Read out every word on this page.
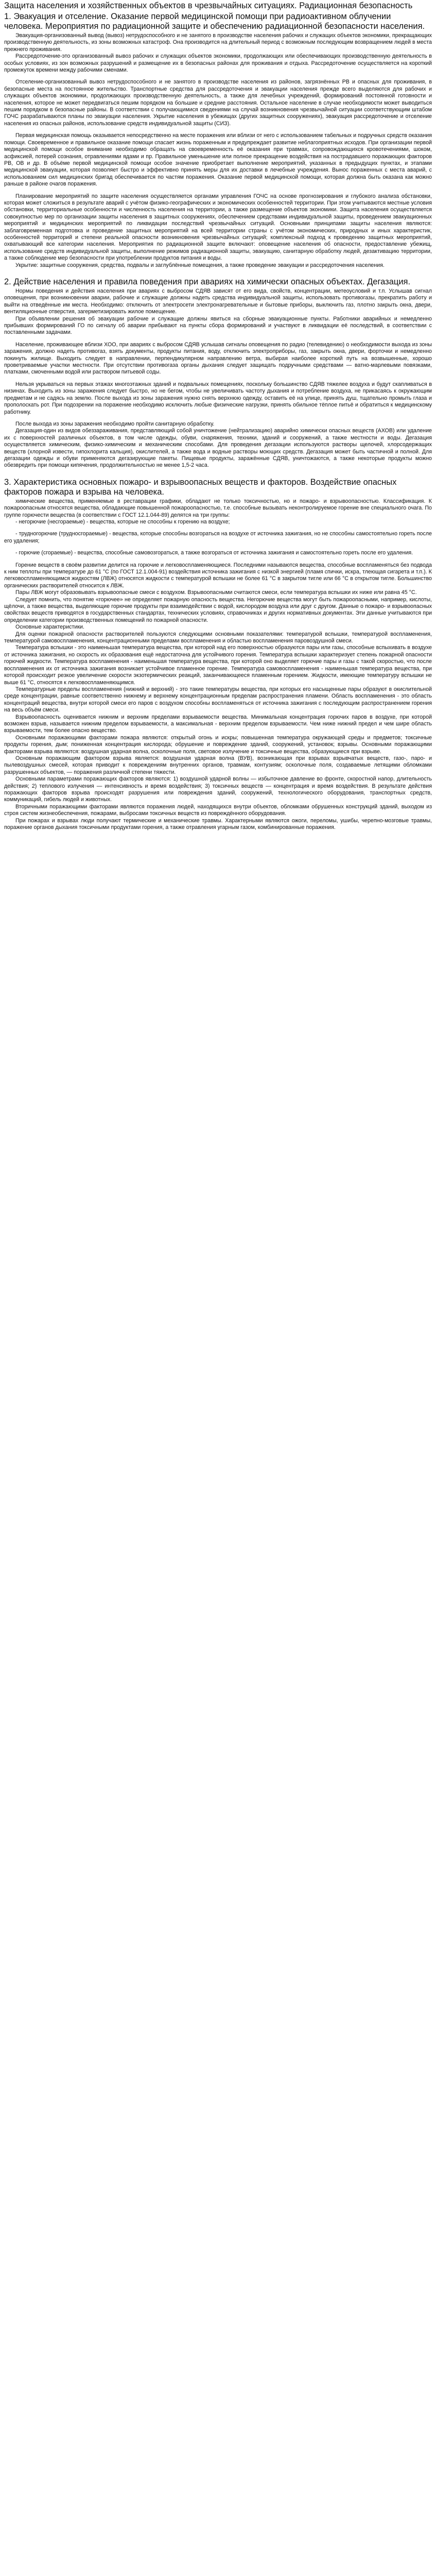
Защита населения и хозяйственных объектов в чрезвычайных ситуациях. Радиационная безопасность
1. Эвакуация и отселение. Оказание первой медицинской помощи при радиоактивном облучении человека. Мероприятия по радиационной защите и обеспечению радиационной безопасности населения.

Эвакуация-организованный вывод (вывоз) нетрудоспособного и не занятого в производстве населения рабочих и служащих объектов экономики, прекращающих производственную деятельность, из зоны возможных катастроф. Она производится на длительный период с возможным последующим возвращением людей в места прежнего проживания.

Рассредоточение-это организованный вывоз рабочих и служащих объектов экономики, продолжающих или обеспечивающих производственную деятельность в особых условиях, из зон возможных разрушений и размещение их в безопасных районах для проживания и отдыха. Рассредоточение осуществляется на короткий промежуток времени между рабочими сменами.

Отселение-организованный вывоз нетрудоспособного и не занятого в производстве населения из районов, загрязнённых РВ и опасных для проживания, в безопасные места на постоянное жительство. Транспортные средства для рассредоточения и эвакуации населения прежде всего выделяются для рабочих и служащих объектов экономики, продолжающих производственную деятельность, а также для лечебных учреждений, формирований постоянной готовности и населения, которое не может передвигаться пешим порядком на большие и средние расстояния. Остальное население в случае необходимости может выводиться пешим порядком в безопасные районы. В соответствии с получающимися сведениями на случай возникновения чрезвычайной ситуации соответствующим штабом ГОЧС разрабатываются планы по эвакуации населения. Укрытие населения в убежищах (других защитных сооружениях), эвакуация рассредоточение и отселение населения из опасных районов, использование средств индивидуальной защиты (СИЗ).

Первая медицинская помощь оказывается непосредственно на месте поражения или вблизи от него с использованием табельных и подручных средств оказания помощи. Своевременное и правильное оказание помощи спасает жизнь пораженным и предупреждает развитие неблагоприятных исходов. При организации первой медицинской помощи особое внимание необходимо обращать на своевременность её оказания при травмах, сопровождающихся кровотечениями, шоком, асфиксией, потерей сознания, отравлениями ядами и пр. Правильное уменьшение или полное прекращение воздействия на пострадавшего поражающих факторов РВ, ОВ и др. В объёме первой медицинской помощи особое значение приобретает выполнение мероприятий, указанных в предыдущих пунктах, и этапами медицинской эвакуации, которая позволяет быстро и эффективно принять меры для их доставки в лечебные учреждения. Вынос пораженных с места аварий, с использованием сил медицинских бригад обеспечивается по частям поражения. Оказание первой медицинской помощи, которая должна быть оказана как можно раньше в районе очагов поражения.

Планирование мероприятий по защите населения осуществляется органами управления ГОЧС на основе прогнозирования и глубокого анализа обстановки, которая может сложиться в результате аварий с учётом физико-географических и экономических особенностей территории. При этом учитываются местные условия обстановки, территориальные особенности и численность населения на территории, а также размещение объектов экономики. Защита населения осуществляется совокупностью мер по организации защиты населения в защитных сооружениях, обеспечением средствами индивидуальной защиты, проведением эвакуационных мероприятий и медицинских мероприятий по ликвидации последствий чрезвычайных ситуаций. Основными принципами защиты населения являются: заблаговременная подготовка и проведение защитных мероприятий на всей территории страны с учётом экономических, природных и иных характеристик, особенностей территорий и степени реальной опасности возникновения чрезвычайных ситуаций; комплексный подход к проведению защитных мероприятий, охватывающий все категории населения. Мероприятия по радиационной защите включают: оповещение населения об опасности, предоставление убежищ, использование средств индивидуальной защиты, выполнение режимов радиационной защиты, эвакуацию, санитарную обработку людей, дезактивацию территории, а также соблюдение мер безопасности при употреблении продуктов питания и воды.

Укрытие: защитные сооружения, средства, подвалы и заглублённые помещения, а также проведение эвакуации и рассредоточения населения.

2. Действие населения и правила поведения при авариях на химически опасных объектах. Дегазация.

Нормы поведения и действия населения при авариях с выбросом СДЯВ зависят от его вида, свойств, концентрации, метеоусловий и т.п. Услышав сигнал оповещения, при возникновении аварии, рабочие и служащие должны надеть средства индивидуальной защиты, использовать противогазы, прекратить работу и выйти на отведённые им места. Необходимо: отключить от электросети электронагревательные и бытовые приборы, выключить газ, плотно закрыть окна, двери, вентиляционные отверстия, загерметизировать жилое помещение.

При объявлении решения об эвакуации рабочие и служащие должны явиться на сборные эвакуационные пункты. Работники аварийных и немедленно прибывших формирований ГО по сигналу об аварии прибывают на пункты сбора формирований и участвуют в ликвидации её последствий, в соответствии с поставленными задачами.

Население, проживающее вблизи ХОО, при авариях с выбросом СДЯВ услышав сигналы оповещения по радио (телевидению) о необходимости выхода из зоны заражения, должно надеть противогаз, взять документы, продукты питания, воду, отключить электроприборы, газ, закрыть окна, двери, форточки и немедленно покинуть жилище. Выходить следует в направлении, перпендикулярном направлению ветра, выбирая наиболее короткий путь на возвышенные, хорошо проветриваемые участки местности. При отсутствии противогаза органы дыхания следует защищать подручными средствами — ватно-марлевыми повязками, платками, смоченными водой или раствором питьевой соды.

Нельзя укрываться на первых этажах многоэтажных зданий и подвальных помещениях, поскольку большинство СДЯВ тяжелее воздуха и будут скапливаться в низинах. Выходить из зоны заражения следует быстро, но не бегом, чтобы не увеличивать частоту дыхания и потребление воздуха, не прикасаясь к окружающим предметам и не садясь на землю. После выхода из зоны заражения нужно снять верхнюю одежду, оставить её на улице, принять душ, тщательно промыть глаза и прополоскать рот. При подозрении на поражение необходимо исключить любые физические нагрузки, принять обильное тёплое питьё и обратиться к медицинскому работнику.

После выхода из зоны заражения необходимо пройти санитарную обработку.

Дегазация-один из видов обеззараживания, представляющий собой уничтожение (нейтрализацию) аварийно химически опасных веществ (АХОВ) или удаление их с поверхностей различных объектов, в том числе одежды, обуви, снаряжения, техники, зданий и сооружений, а также местности и воды. Дегазация осуществляется химическим, физико-химическим и механическим способами. Для проведения дегазации используются растворы щелочей, хлорсодержащих веществ (хлорной извести, гипохлорита кальция), окислителей, а также вода и водные растворы моющих средств. Дегазация может быть частичной и полной. Для дегазации одежды и обуви применяются дегазирующие пакеты. Пищевые продукты, заражённые СДЯВ, уничтожаются, а также некоторые продукты можно обезвредить при помощи кипячения, продолжительностью не менее 1,5-2 часа.

3. Характеристика основных пожаро- и взрывоопасных веществ и факторов. Воздействие опасных факторов пожара и взрыва на человека.

химические вещества, применяемые в реставрации графики, обладают не только токсичностью, но и пожаро- и взрывоопасностью. Классификация. К пожароопасным относятся вещества, обладающие повышенной пожароопасностью, т.е. способные вызывать неконтролируемое горение вне специального очага. По группе горючести вещества (в соответствии с ГОСТ 12.1.044-89) делятся на три группы:

- негорючие (несгораемые) - вещества, которые не способны к горению на воздухе;

- трудногорючие (трудносгораемые) - вещества, которые способны возгораться на воздухе от источника зажигания, но не способны самостоятельно гореть после его удаления;

- горючие (сгораемые) - вещества, способные самовозгораться, а также возгораться от источника зажигания и самостоятельно гореть после его удаления.

Горение веществ в своём развитии делится на горючие и легковоспламеняющиеся. Последними называются вещества, способные воспламеняться без подвода к ним теплоты при температуре до 61 °С (по ГОСТ 12.1.004-91) воздействия источника зажигания с низкой энергией (пламя спички, искра, тлеющая сигарета и т.п.). К легковоспламеняющимся жидкостям (ЛВЖ) относятся жидкости с температурой вспышки не более 61 °С в закрытом тигле или 66 °С в открытом тигле. Большинство органических растворителей относится к ЛВЖ.

Пары ЛВЖ могут образовывать взрывоопасные смеси с воздухом. Взрывоопасными считаются смеси, если температура вспышки их ниже или равна 45 °С.

Следует помнить, что понятие «горючее» не определяет пожарную опасность вещества. Негорючие вещества могут быть пожароопасными, например, кислоты, щёлочи, а также вещества, выделяющие горючие продукты при взаимодействии с водой, кислородом воздуха или друг с другом. Данные о пожаро- и взрывоопасных свойствах веществ приводятся в государственных стандартах, технических условиях, справочниках и других нормативных документах. Эти данные учитываются при определении категории производственных помещений по пожарной опасности.

Основные характеристики.

Для оценки пожарной опасности растворителей пользуются следующими основными показателями: температурой вспышки, температурой воспламенения, температурой самовоспламенения, концентрационными пределами воспламенения и областью воспламенения паровоздушной смеси.

Температура вспышки - это наименьшая температура вещества, при которой над его поверхностью образуются пары или газы, способные вспыхивать в воздухе от источника зажигания, но скорость их образования ещё недостаточна для устойчивого горения. Температура вспышки характеризует степень пожарной опасности горючей жидкости. Температура воспламенения - наименьшая температура вещества, при которой оно выделяет горючие пары и газы с такой скоростью, что после воспламенения их от источника зажигания возникает устойчивое пламенное горение. Температура самовоспламенения - наименьшая температура вещества, при которой происходит резкое увеличение скорости экзотермических реакций, заканчивающееся пламенным горением. Жидкости, имеющие температуру вспышки не выше 61 °С, относятся к легковоспламеняющимся.

Температурные пределы воспламенения (нижний и верхний) - это такие температуры вещества, при которых его насыщенные пары образуют в окислительной среде концентрации, равные соответственно нижнему и верхнему концентрационным пределам распространения пламени. Область воспламенения - это область концентраций вещества, внутри которой смеси его паров с воздухом способны воспламеняться от источника зажигания с последующим распространением горения на весь объём смеси.

Взрывоопасность оценивается нижним и верхним пределами взрываемости вещества. Минимальная концентрация горючих паров в воздухе, при которой возможен взрыв, называется нижним пределом взрываемости, а максимальная - верхним пределом взрываемости. Чем ниже нижний предел и чем шире область взрываемости, тем более опасно вещество.

Основными поражающими факторами пожара являются: открытый огонь и искры; повышенная температура окружающей среды и предметов; токсичные продукты горения, дым; пониженная концентрация кислорода; обрушение и повреждение зданий, сооружений, установок; взрывы. Основными поражающими факторами взрыва являются: воздушная ударная волна, осколочные поля, световое излучение и токсичные вещества, образующиеся при взрыве.

Основным поражающим фактором взрыва является: воздушная ударная волна (ВУВ), возникающая при взрывах взрывчатых веществ, газо-, паро- и пылевоздушных смесей, которая приводит к повреждениям внутренних органов, травмам, контузиям; осколочные поля, создаваемые летящими обломками разрушенных объектов, — поражения различной степени тяжести.

Основными параметрами поражающих факторов являются: 1) воздушной ударной волны — избыточное давление во фронте, скоростной напор, длительность действия; 2) теплового излучения — интенсивность и время воздействия; 3) токсичных веществ — концентрация и время воздействия. В результате действия поражающих факторов взрыва происходят разрушения или повреждения зданий, сооружений, технологического оборудования, транспортных средств, коммуникаций, гибель людей и животных.

Вторичными поражающими факторами являются поражения людей, находящихся внутри объектов, обломками обрушенных конструкций зданий, выходом из строя систем жизнеобеспечения, пожарами, выбросами токсичных веществ из повреждённого оборудования.

При пожарах и взрывах люди получают термические и механические травмы. Характерными являются ожоги, переломы, ушибы, черепно-мозговые травмы, поражение органов дыхания токсичными продуктами горения, а также отравления угарным газом, комбинированные поражения.
